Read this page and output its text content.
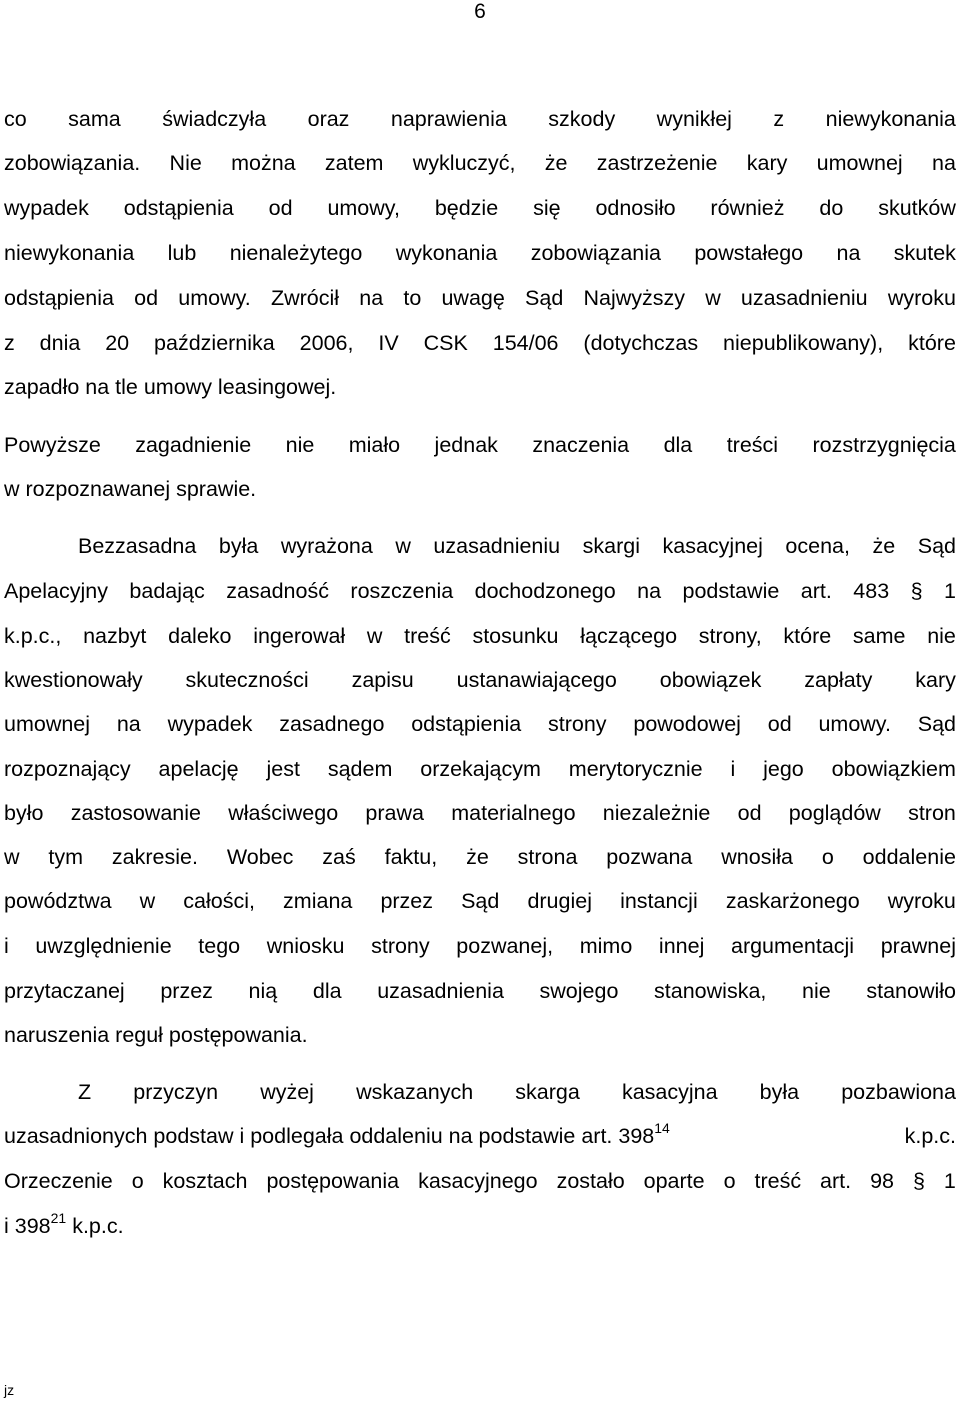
6
co sama świadczyła oraz naprawienia szkody wynikłej z niewykonania
zobowiązania. Nie można zatem wykluczyć, że zastrzeżenie kary umownej na
wypadek odstąpienia od umowy, będzie się odnosiło również do skutków
niewykonania lub nienależytego wykonania zobowiązania powstałego na skutek
odstąpienia od umowy. Zwrócił na to uwagę Sąd Najwyższy w uzasadnieniu wyroku
z dnia 20 października 2006, IV CSK 154/06 (dotychczas niepublikowany), które
zapadło na tle umowy leasingowej.
Powyższe zagadnienie nie miało jednak znaczenia dla treści rozstrzygnięcia
w rozpoznawanej sprawie.
Bezzasadna była wyrażona w uzasadnieniu skargi kasacyjnej ocena, że Sąd
Apelacyjny badając zasadność roszczenia dochodzonego na podstawie art. 483 § 1
k.p.c., nazbyt daleko ingerował w treść stosunku łączącego strony, które same nie
kwestionowały skuteczności zapisu ustanawiającego obowiązek zapłaty kary
umownej na wypadek zasadnego odstąpienia strony powodowej od umowy. Sąd
rozpoznający apelację jest sądem orzekającym merytorycznie i jego obowiązkiem
było zastosowanie właściwego prawa materialnego niezależnie od poglądów stron
w tym zakresie. Wobec zaś faktu, że strona pozwana wnosiła o oddalenie
powództwa w całości, zmiana przez Sąd drugiej instancji zaskarżonego wyroku
i uwzględnienie tego wniosku strony pozwanej, mimo innej argumentacji prawnej
przytaczanej przez nią dla uzasadnienia swojego stanowiska, nie stanowiło
naruszenia reguł postępowania.
Z przyczyn wyżej wskazanych skarga kasacyjna była pozbawiona
uzasadnionych podstaw i podlegała oddaleniu na podstawie art. $398^{14}$	k.p.c.
Orzeczenie o kosztach postępowania kasacyjnego zostało oparte o treść art. 98 § 1
i $398^{21}$ k.p.c.
jz
